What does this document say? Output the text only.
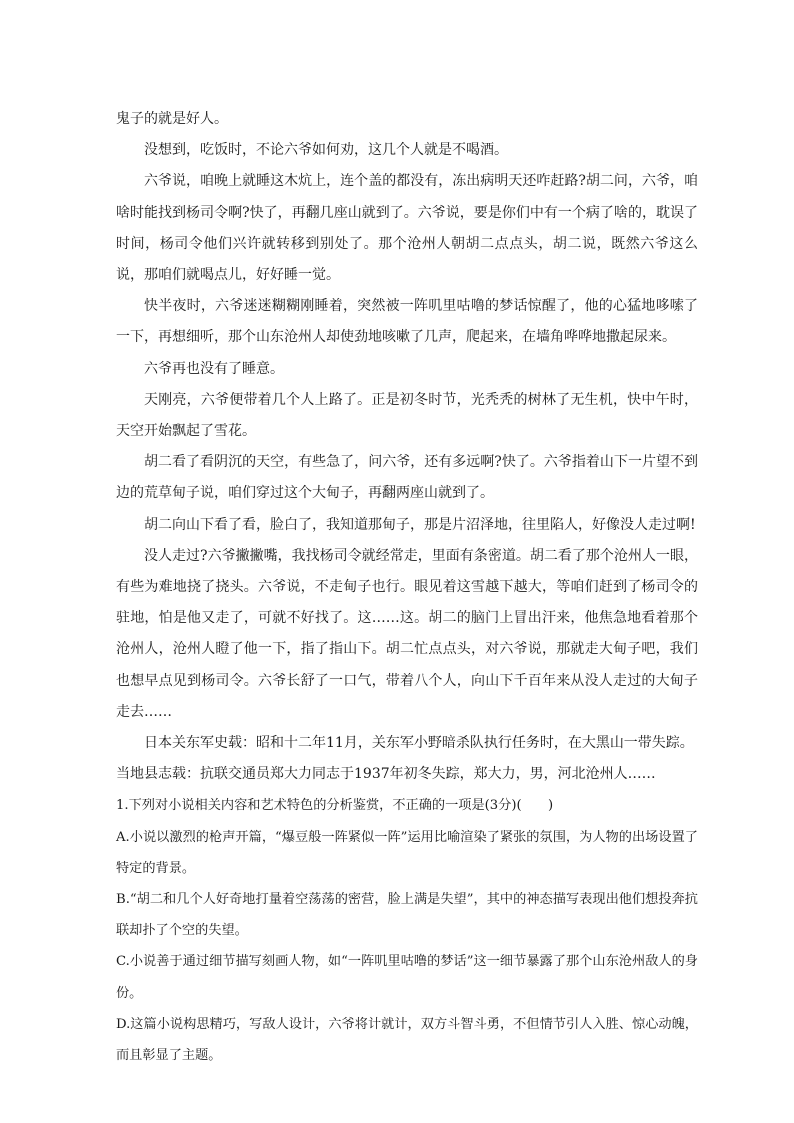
鬼子的就是好人。

没想到，吃饭时，不论六爷如何劝，这几个人就是不喝酒。

六爷说，咱晚上就睡这木炕上，连个盖的都没有，冻出病明天还咋赶路?胡二问，六爷，咱啥时能找到杨司令啊?快了，再翻几座山就到了。六爷说，要是你们中有一个病了啥的，耽误了时间，杨司令他们兴许就转移到别处了。那个沧州人朝胡二点点头，胡二说，既然六爷这么说，那咱们就喝点儿，好好睡一觉。

快半夜时，六爷迷迷糊糊刚睡着，突然被一阵叽里咕噜的梦话惊醒了，他的心猛地哆嗦了一下，再想细听，那个山东沧州人却使劲地咳嗽了几声，爬起来，在墙角哗哗地撒起尿来。

六爷再也没有了睡意。

天刚亮，六爷便带着几个人上路了。正是初冬时节，光秃秃的树林了无生机，快中午时，天空开始飘起了雪花。

胡二看了看阴沉的天空，有些急了，问六爷，还有多远啊?快了。六爷指着山下一片望不到边的荒草甸子说，咱们穿过这个大甸子，再翻两座山就到了。

胡二向山下看了看，脸白了，我知道那甸子，那是片沼泽地，往里陷人，好像没人走过啊!

没人走过?六爷撇撇嘴，我找杨司令就经常走，里面有条密道。胡二看了那个沧州人一眼，有些为难地挠了挠头。六爷说，不走甸子也行。眼见着这雪越下越大，等咱们赶到了杨司令的驻地，怕是他又走了，可就不好找了。这……这。胡二的脑门上冒出汗来，他焦急地看着那个沧州人，沧州人瞪了他一下，指了指山下。胡二忙点点头，对六爷说，那就走大甸子吧，我们也想早点见到杨司令。六爷长舒了一口气，带着八个人，向山下千百年来从没人走过的大甸子走去……

日本关东军史载：昭和十二年11月，关东军小野暗杀队执行任务时，在大黑山一带失踪。

当地县志载：抗联交通员郑大力同志于1937年初冬失踪，郑大力，男，河北沧州人……

1.下列对小说相关内容和艺术特色的分析鉴赏，不正确的一项是(3分)(　　)

A.小说以激烈的枪声开篇，“爆豆般一阵紧似一阵”运用比喻渲染了紧张的氛围，为人物的出场设置了特定的背景。

B.“胡二和几个人好奇地打量着空荡荡的密营，脸上满是失望”，其中的神态描写表现出他们想投奔抗联却扑了个空的失望。

C.小说善于通过细节描写刻画人物，如“一阵叽里咕噜的梦话”这一细节暴露了那个山东沧州敌人的身份。

D.这篇小说构思精巧，写敌人设计，六爷将计就计，双方斗智斗勇，不但情节引人入胜、惊心动魄，而且彰显了主题。
